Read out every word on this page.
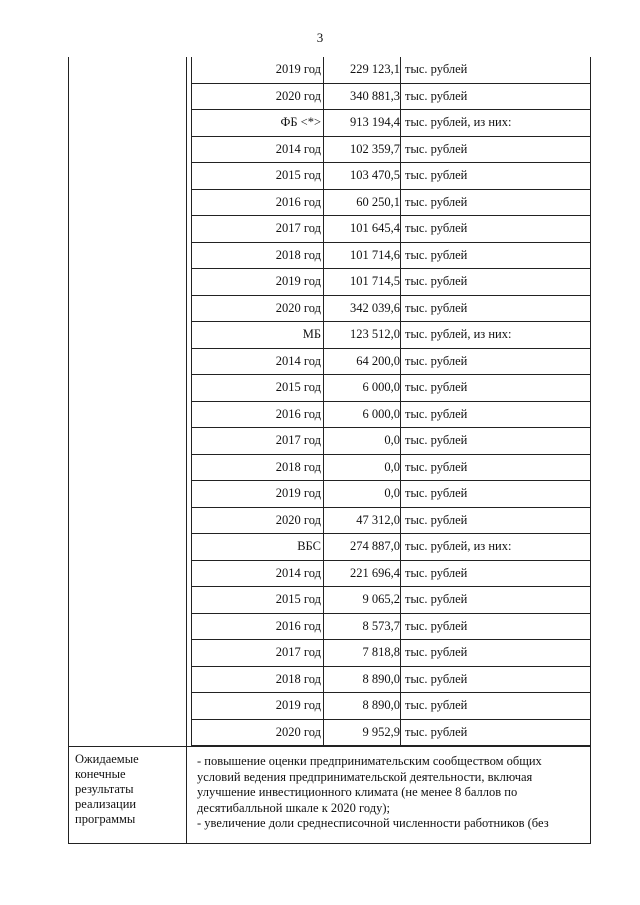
3
2019 год	229 123,1 тыс. рублей
2020 год	340 881,3 тыс. рублей
ФБ <*>	913 194,4 тыс. рублей, из них:
2014 год	102 359,7 тыс. рублей
2015 год	103 470,5 тыс. рублей
2016 год	60 250,1 тыс. рублей
2017 год	101 645,4 тыс. рублей
2018 год	101 714,6 тыс. рублей
2019 год	101 714,5 тыс. рублей
2020 год	342 039,6 тыс. рублей
МБ	123 512,0 тыс. рублей, из них:
2014 год	64 200,0 тыс. рублей
2015 год	6 000,0 тыс. рублей
2016 год	6 000,0 тыс. рублей
2017 год	0,0 тыс. рублей
2018 год	0,0 тыс. рублей
2019 год	0,0 тыс. рублей
2020 год	47 312,0 тыс. рублей
ВБС	274 887,0 тыс. рублей, из них:
2014 год	221 696,4 тыс. рублей
2015 год	9 065,2 тыс. рублей
2016 год	8 573,7 тыс. рублей
2017 год	7 818,8 тыс. рублей
2018 год	8 890,0 тыс. рублей
2019 год	8 890,0 тыс. рублей
2020 год	9 952,9 тыс. рублей
Ожидаемые
конечные
результаты
реализации
программы
- повышение оценки предпринимательским сообществом общих
условий ведения предпринимательской деятельности, включая
улучшение инвестиционного климата (не менее 8 баллов по
десятибалльной шкале к 2020 году);
- увеличение доли среднесписочной численности работников (без
